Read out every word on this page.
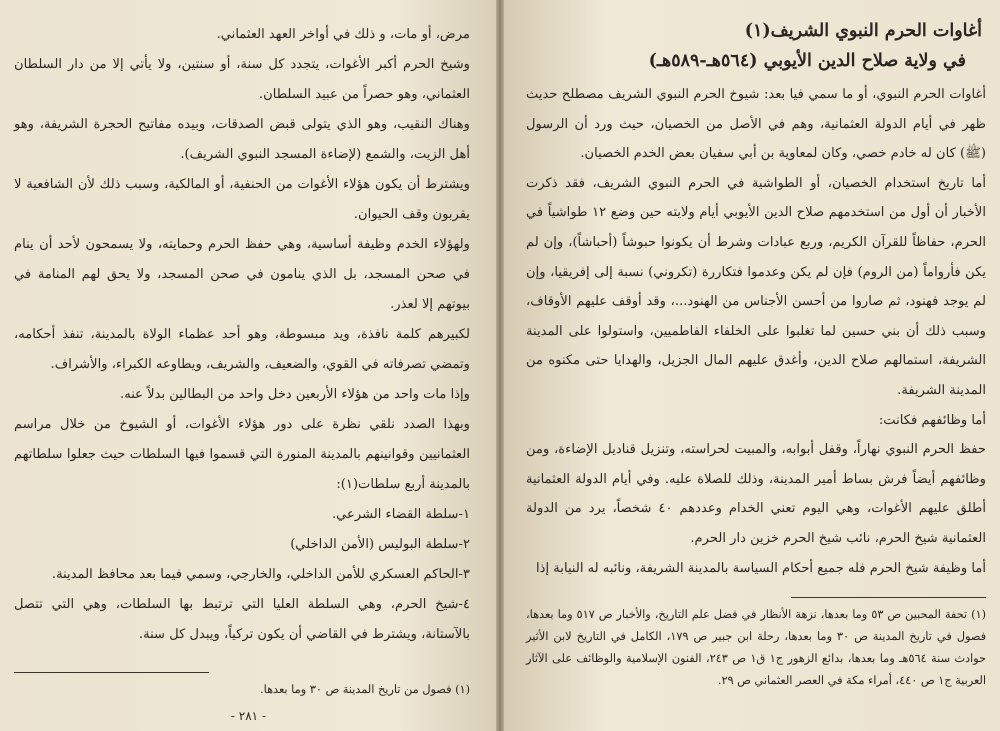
مرض، أو مات، و ذلك في أواخر العهد العثماني.

وشيخ الحرم أكبر الأغوات، يتجدد كل سنة، أو سنتين، ولا يأتي إلا من دار السلطان العثماني، وهو حصراً من عبيد السلطان.

وهناك النقيب، وهو الذي يتولى قبض الصدقات، وبيده مفاتيح الحجرة الشريفة، وهو أهل الزيت، والشمع (لإضاءة المسجد النبوي الشريف).

ويشترط أن يكون هؤلاء الأغوات من الحنفية، أو المالكية، وسبب ذلك لأن الشافعية لا يقربون وقف الحيوان.

ولهؤلاء الخدم وظيفة أساسية، وهي حفظ الحرم وحمايته، ولا يسمحون لأحد أن ينام في صحن المسجد، بل الذي ينامون في صحن المسجد، ولا يحق لهم المنامة في بيوتهم إلا لعذر.

لكبيرهم كلمة نافذة، ويد مبسوطة، وهو أحد عظماء الولاة بالمدينة، تنفذ أحكامه، وتمضي تصرفاته في القوي، والضعيف، والشريف، ويطاوعه الكبراء، والأشراف.

وإذا مات واحد من هؤلاء الأربعين دخل واحد من البطالين بدلاً عنه.

وبهذا الصدد نلقي نظرة على دور هؤلاء الأغوات، أو الشيوخ من خلال مراسم العثمانيين وقوانينهم بالمدينة المنورة التي قسموا فيها السلطات حيث جعلوا سلطاتهم بالمدينة أربع سلطات(١):

١-سلطة القضاء الشرعي.

٢-سلطة البوليس (الأمن الداخلي)

٣-الحاكم العسكري للأمن الداخلي، والخارجي، وسمي فيما بعد محافظ المدينة.

٤-شيخ الحرم، وهي السلطة العليا التي ترتبط بها السلطات، وهي التي تتصل بالآستانة، ويشترط في القاضي أن يكون تركياً، ويبدل كل سنة.

(١) فصول من تاريخ المدينة ص ٣٠ وما بعدها.
- ٢٨١ -
أغاوات الحرم النبوي الشريف(١)
في ولاية صلاح الدين الأيوبي (٥٦٤هـ-٥٨٩هـ)

أغاوات الحرم النبوي، أو ما سمي فيا بعد: شيوخ الحرم النبوي الشريف مصطلح حديث ظهر في أيام الدولة العثمانية، وهم في الأصل من الخصيان، حيث ورد أن الرسول (ﷺ) كان له خادم خصي، وكان لمعاوية بن أبي سفيان بعض الخدم الخصيان.

أما تاريخ استخدام الخصيان، أو الطواشية في الحرم النبوي الشريف، فقد ذكرت الأخبار أن أول من استخدمهم صلاح الدين الأيوبي أيام ولايته حين وضع ١٢ طواشياً في الحرم، حفاظاً للقرآن الكريم، وربع عبادات وشرط أن يكونوا حبوشاً (أحباشاً)، وإن لم يكن فأرواماً (من الروم) فإن لم يكن وعدموا فتكاررة (تكروني) نسبة إلى إفريقيا، وإن لم يوجد فهنود، ثم صاروا من أحسن الأجناس من الهنود...، وقد أوقف عليهم الأوقاف، وسبب ذلك أن بني حسين لما تغلبوا على الخلفاء الفاطميين، واستولوا على المدينة الشريفة، استمالهم صلاح الدين، وأغدق عليهم المال الجزيل، والهدايا حتى مكنوه من المدينة الشريفة.

أما وظائفهم فكانت:

حفظ الحرم النبوي نهاراً، وقفل أبوابه، والمبيت لحراسته، وتنزيل قناديل الإضاءة، ومن وظائفهم أيضاً فرش بساط أمير المدينة، وذلك للصلاة عليه. وفي أيام الدولة العثمانية أطلق عليهم الأغوات، وهي اليوم تعني الخدام وعددهم ٤٠ شخصاً، يرد من الدولة العثمانية شيخ الحرم، نائب شيخ الحرم خزين دار الحرم.

أما وظيفة شيخ الحرم فله جميع أحكام السياسة بالمدينة الشريفة، ونائبه له النيابة إذا

(١) تحفة المحبين ص ٥٣ وما بعدها، نزهة الأنظار في فضل علم التاريخ، والأخبار ص ٥١٧ وما بعدها، فصول في تاريخ المدينة ص ٣٠ وما بعدها، رحلة ابن جبير ص ١٧٩، الكامل في التاريخ لابن الأثير حوادث سنة ٥٦٤هـ وما بعدها، بدائع الزهور ج١ ق١ ص ٢٤٣، الفنون الإسلامية والوظائف على الآثار العربية ج١ ص ٤٤٠، أمراء مكة في العصر العثماني ص ٢٩.
